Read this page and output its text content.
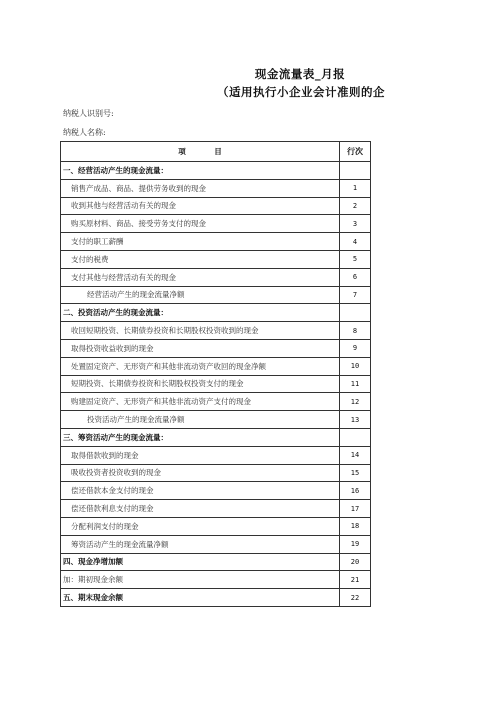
现金流量表_月报
（适用执行小企业会计准则的企
纳税人识别号:
纳税人名称:
项 目	行次
一、经营活动产生的现金流量：	
销售产成品、商品、提供劳务收到的现金	1
收到其他与经营活动有关的现金	2
购买原材料、商品、接受劳务支付的现金	3
支付的职工薪酬	4
支付的税费	5
支付其他与经营活动有关的现金	6
经营活动产生的现金流量净额	7
二、投资活动产生的现金流量：	
收回短期投资、长期债券投资和长期股权投资收到的现金	8
取得投资收益收到的现金	9
处置固定资产、无形资产和其他非流动资产收回的现金净额	10
短期投资、长期债券投资和长期股权投资支付的现金	11
购建固定资产、无形资产和其他非流动资产支付的现金	12
投资活动产生的现金流量净额	13
三、筹资活动产生的现金流量：	
取得借款收到的现金	14
吸收投资者投资收到的现金	15
偿还借款本金支付的现金	16
偿还借款利息支付的现金	17
分配利润支付的现金	18
筹资活动产生的现金流量净额	19
四、现金净增加额	20
加：期初现金余额	21
五、期末现金余额	22
